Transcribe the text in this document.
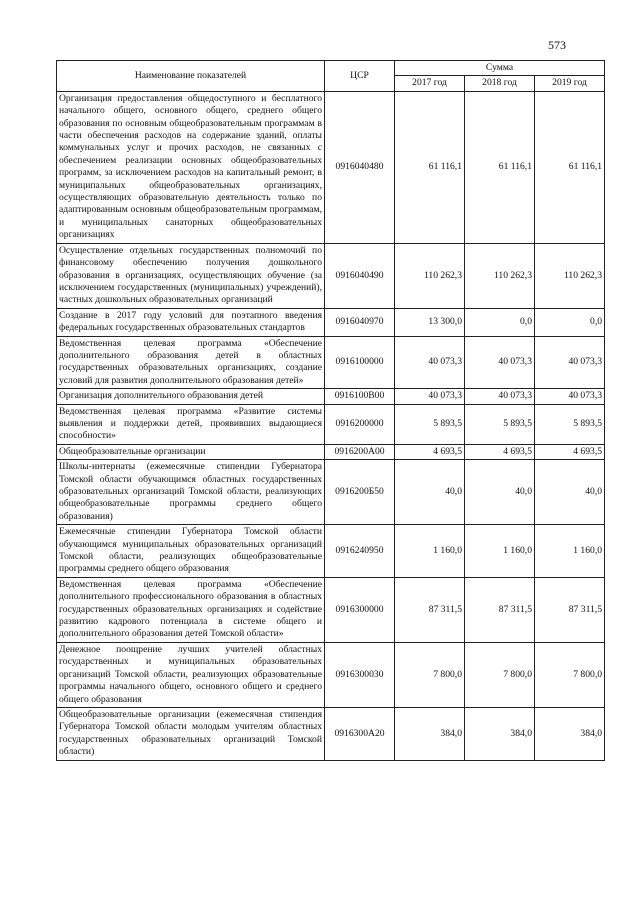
573
Наименование показателей	ЦСР	Сумма		
		2017 год	2018 год	2019 год
Организация предоставления общедоступного и бесплатного начального общего, основного общего, среднего общего образования по основным общеобразовательным программам в части обеспечения расходов на содержание зданий, оплаты коммунальных услуг и прочих расходов, не связанных с обеспечением реализации основных общеобразовательных программ, за исключением расходов на капитальный ремонт, в муниципальных общеобразовательных организациях, осуществляющих образовательную деятельность только по адаптированным основным общеобразовательным программам, и муниципальных санаторных общеобразовательных организациях	0916040480	61 116,1	61 116,1	61 116,1
Осуществление отдельных государственных полномочий по финансовому обеспечению получения дошкольного образования в организациях, осуществляющих обучение (за исключением государственных (муниципальных) учреждений), частных дошкольных образовательных организаций	0916040490	110 262,3	110 262,3	110 262,3
Создание в 2017 году условий для поэтапного введения федеральных государственных образовательных стандартов	0916040970	13 300,0	0,0	0,0
Ведомственная целевая программа «Обеспечение дополнительного образования детей в областных государственных образовательных организациях, создание условий для развития дополнительного образования детей»	0916100000	40 073,3	40 073,3	40 073,3
Организация дополнительного образования детей	0916100В00	40 073,3	40 073,3	40 073,3
Ведомственная целевая программа «Развитие системы выявления и поддержки детей, проявивших выдающиеся способности»	0916200000	5 893,5	5 893,5	5 893,5
Общеобразовательные организации	0916200А00	4 693,5	4 693,5	4 693,5
Школы-интернаты (ежемесячные стипендии Губернатора Томской области обучающимся областных государственных образовательных организаций Томской области, реализующих общеобразовательные программы среднего общего образования)	0916200Б50	40,0	40,0	40,0
Ежемесячные стипендии Губернатора Томской области обучающимся муниципальных образовательных организаций Томской области, реализующих общеобразовательные программы среднего общего образования	0916240950	1 160,0	1 160,0	1 160,0
Ведомственная целевая программа «Обеспечение дополнительного профессионального образования в областных государственных образовательных организациях и содействие развитию кадрового потенциала в системе общего и дополнительного образования детей Томской области»	0916300000	87 311,5	87 311,5	87 311,5
Денежное поощрение лучших учителей областных государственных и муниципальных образовательных организаций Томской области, реализующих образовательные программы начального общего, основного общего и среднего общего образования	0916300030	7 800,0	7 800,0	7 800,0
Общеобразовательные организации (ежемесячная стипендия Губернатора Томской области молодым учителям областных государственных образовательных организаций Томской области)	0916300А20	384,0	384,0	384,0
